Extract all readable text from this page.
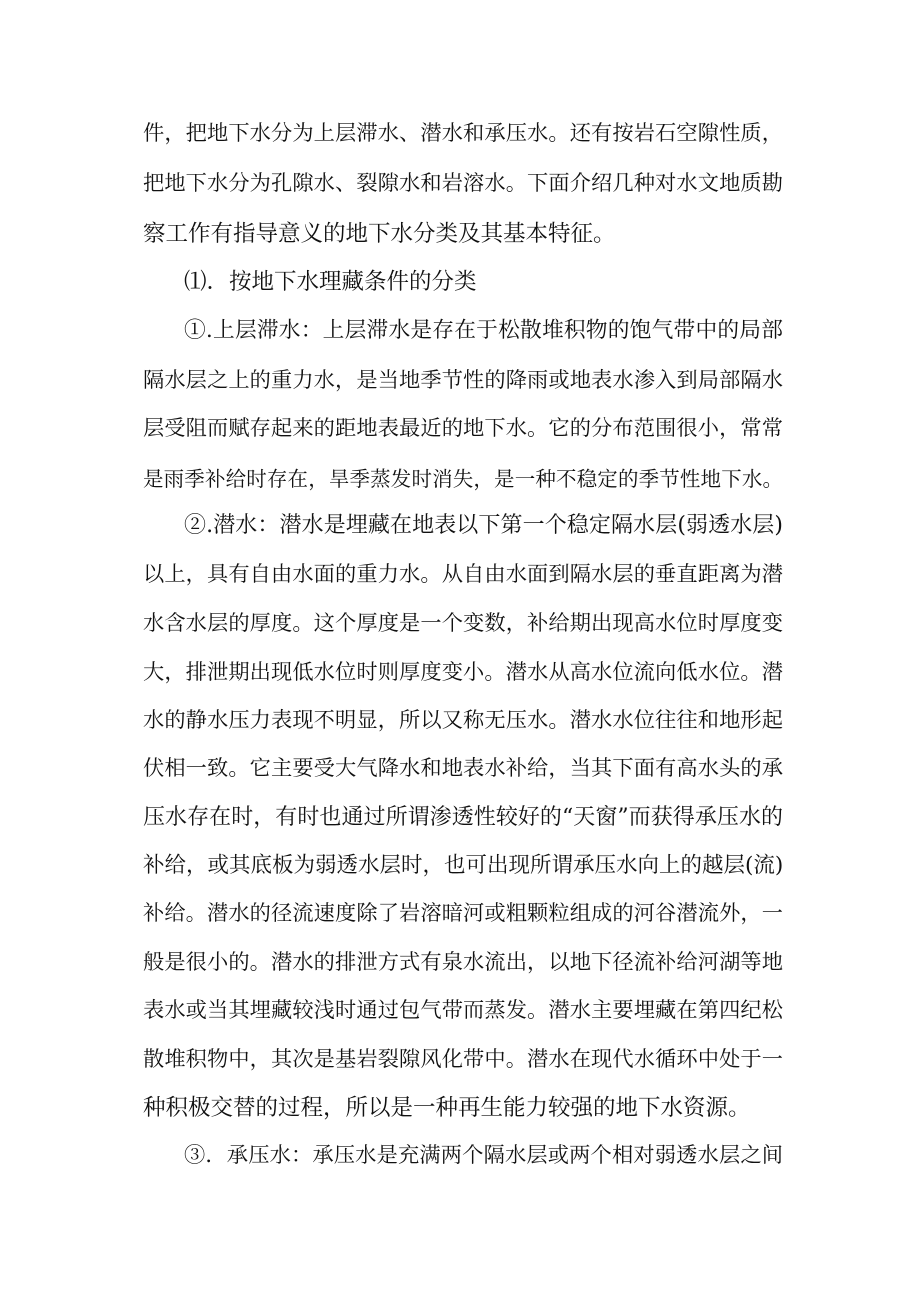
件，把地下水分为上层滞水、潜水和承压水。还有按岩石空隙性质，
把地下水分为孔隙水、裂隙水和岩溶水。下面介绍几种对水文地质勘
察工作有指导意义的地下水分类及其基本特征。
⑴．按地下水理藏条件的分类
①.上层滞水：上层滞水是存在于松散堆积物的饱气带中的局部
隔水层之上的重力水，是当地季节性的降雨或地表水渗入到局部隔水
层受阻而赋存起来的距地表最近的地下水。它的分布范围很小，常常
是雨季补给时存在，旱季蒸发时消失，是一种不稳定的季节性地下水。
②.潜水：潜水是埋藏在地表以下第一个稳定隔水层(弱透水层)
以上，具有自由水面的重力水。从自由水面到隔水层的垂直距离为潜
水含水层的厚度。这个厚度是一个变数，补给期出现高水位时厚度变
大，排泄期出现低水位时则厚度变小。潜水从高水位流向低水位。潜
水的静水压力表现不明显，所以又称无压水。潜水水位往往和地形起
伏相一致。它主要受大气降水和地表水补给，当其下面有高水头的承
压水存在时，有时也通过所谓渗透性较好的“天窗”而获得承压水的
补给，或其底板为弱透水层时，也可出现所谓承压水向上的越层(流)
补给。潜水的径流速度除了岩溶暗河或粗颗粒组成的河谷潜流外，一
般是很小的。潜水的排泄方式有泉水流出，以地下径流补给河湖等地
表水或当其埋藏较浅时通过包气带而蒸发。潜水主要埋藏在第四纪松
散堆积物中，其次是基岩裂隙风化带中。潜水在现代水循环中处于一
种积极交替的过程，所以是一种再生能力较强的地下水资源。
③．承压水：承压水是充满两个隔水层或两个相对弱透水层之间
